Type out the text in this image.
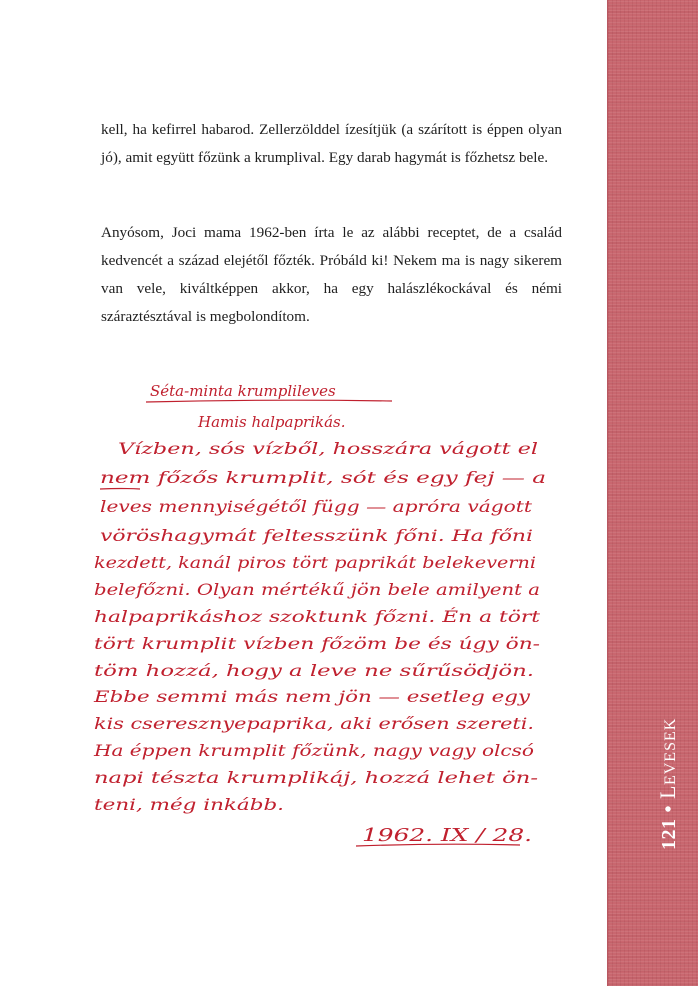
kell, ha kefirrel habarod. Zellerzölddel ízesítjük (a szárított is éppen olyan jó), amit együtt főzünk a krumplival. Egy darab hagymát is főzhetsz bele.

Anyósom, Joci mama 1962-ben írta le az alábbi receptet, de a család kedvencét a század elejétől főzték. Próbáld ki! Nekem ma is nagy sikerem van vele, kiváltképpen akkor, ha egy halászlékockával és némi száraztésztával is megbolondítom.

Séta-minta krumplileves
Hamis halpaprikás.
Vízben, sós vízből, hosszára vágott el
nem főzős krumplit, sót és egy fej — a
leves mennyiségétől függ — apróra vágott
vöröshagymát feltesszünk főni. Ha főni
kezdett, kanál piros tört paprikát belekeverni
belefőzni. Olyan mértékű jön bele amilyent a
halpaprikáshoz szoktunk főzni. Én a tört
tört krumplit vízben főzöm be és úgy ön-
töm hozzá, hogy a leve ne sűrűsödjön.
Ebbe semmi más nem jön — esetleg egy
kis cseresznyepaprika, aki erősen szereti.
Ha éppen krumplit főzünk, nagy vagy olcsó
napi tészta krumplikáj, hozzá lehet ön-
teni, még inkább.
1962. IX / 28.	121•LEVESEK
